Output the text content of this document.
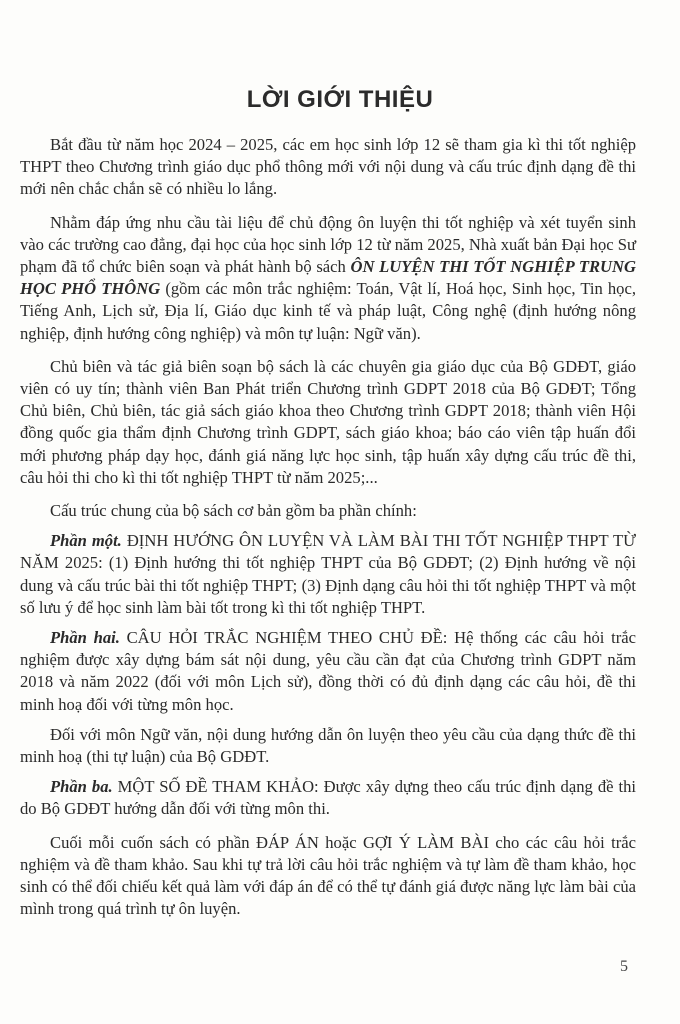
LỜI GIỚI THIỆU

Bắt đầu từ năm học 2024 – 2025, các em học sinh lớp 12 sẽ tham gia kì thi tốt nghiệp THPT theo Chương trình giáo dục phổ thông mới với nội dung và cấu trúc định dạng đề thi mới nên chắc chắn sẽ có nhiều lo lắng.

Nhằm đáp ứng nhu cầu tài liệu để chủ động ôn luyện thi tốt nghiệp và xét tuyển sinh vào các trường cao đẳng, đại học của học sinh lớp 12 từ năm 2025, Nhà xuất bản Đại học Sư phạm đã tổ chức biên soạn và phát hành bộ sách ÔN LUYỆN THI TỐT NGHIỆP TRUNG HỌC PHỔ THÔNG (gồm các môn trắc nghiệm: Toán, Vật lí, Hoá học, Sinh học, Tin học, Tiếng Anh, Lịch sử, Địa lí, Giáo dục kinh tế và pháp luật, Công nghệ (định hướng nông nghiệp, định hướng công nghiệp) và môn tự luận: Ngữ văn).

Chủ biên và tác giả biên soạn bộ sách là các chuyên gia giáo dục của Bộ GDĐT, giáo viên có uy tín; thành viên Ban Phát triển Chương trình GDPT 2018 của Bộ GDĐT; Tổng Chủ biên, Chủ biên, tác giả sách giáo khoa theo Chương trình GDPT 2018; thành viên Hội đồng quốc gia thẩm định Chương trình GDPT, sách giáo khoa; báo cáo viên tập huấn đổi mới phương pháp dạy học, đánh giá năng lực học sinh, tập huấn xây dựng cấu trúc đề thi, câu hỏi thi cho kì thi tốt nghiệp THPT từ năm 2025;...

Cấu trúc chung của bộ sách cơ bản gồm ba phần chính:

Phần một. ĐỊNH HƯỚNG ÔN LUYỆN VÀ LÀM BÀI THI TỐT NGHIỆP THPT TỪ NĂM 2025: (1) Định hướng thi tốt nghiệp THPT của Bộ GDĐT; (2) Định hướng về nội dung và cấu trúc bài thi tốt nghiệp THPT; (3) Định dạng câu hỏi thi tốt nghiệp THPT và một số lưu ý để học sinh làm bài tốt trong kì thi tốt nghiệp THPT.

Phần hai. CÂU HỎI TRẮC NGHIỆM THEO CHỦ ĐỀ: Hệ thống các câu hỏi trắc nghiệm được xây dựng bám sát nội dung, yêu cầu cần đạt của Chương trình GDPT năm 2018 và năm 2022 (đối với môn Lịch sử), đồng thời có đủ định dạng các câu hỏi, đề thi minh hoạ đối với từng môn học.

Đối với môn Ngữ văn, nội dung hướng dẫn ôn luyện theo yêu cầu của dạng thức đề thi minh hoạ (thi tự luận) của Bộ GDĐT.

Phần ba. MỘT SỐ ĐỀ THAM KHẢO: Được xây dựng theo cấu trúc định dạng đề thi do Bộ GDĐT hướng dẫn đối với từng môn thi.

Cuối mỗi cuốn sách có phần ĐÁP ÁN hoặc GỢI Ý LÀM BÀI cho các câu hỏi trắc nghiệm và đề tham khảo. Sau khi tự trả lời câu hỏi trắc nghiệm và tự làm đề tham khảo, học sinh có thể đối chiếu kết quả làm với đáp án để có thể tự đánh giá được năng lực làm bài của mình trong quá trình tự ôn luyện.

5
